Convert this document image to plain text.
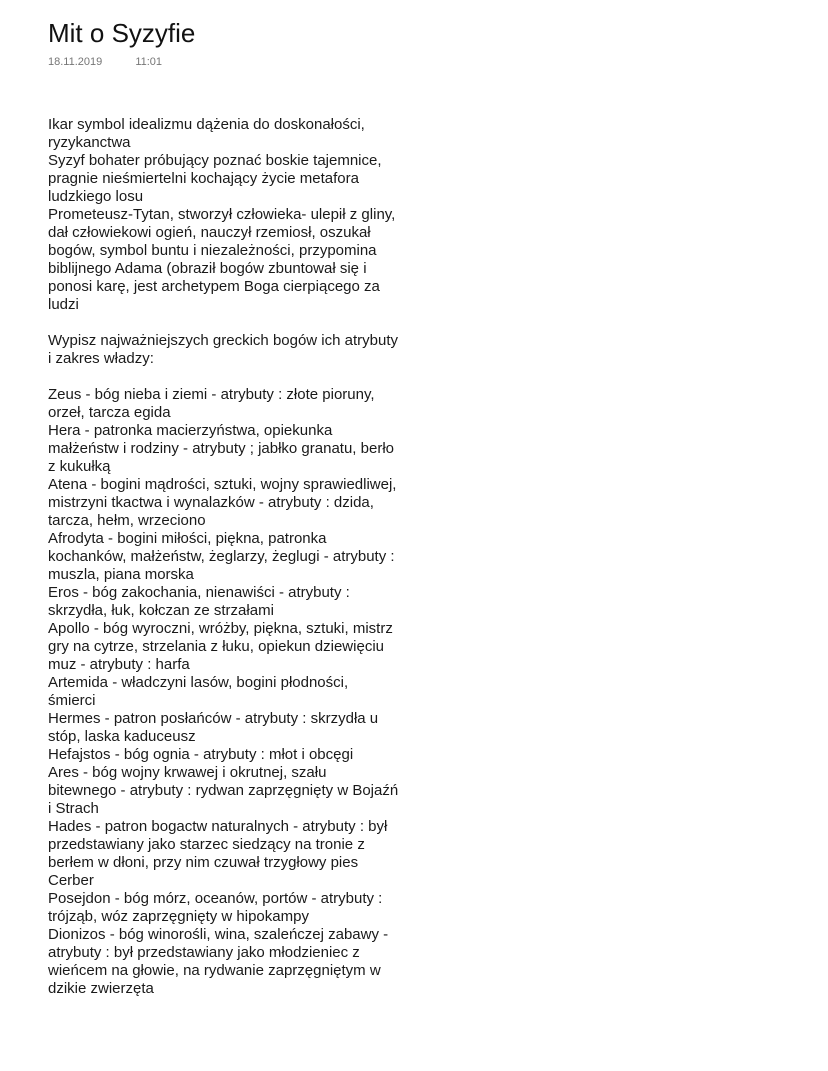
Mit o Syzyfie
18.11.2019	11:01
Ikar symbol idealizmu dążenia do doskonałości,
ryzykanctwa
Syzyf bohater próbujący poznać boskie tajemnice,
pragnie nieśmiertelni kochający życie metafora
ludzkiego losu
Prometeusz-Tytan, stworzył człowieka- ulepił z gliny,
dał człowiekowi ogień, nauczył rzemiosł, oszukał
bogów, symbol buntu i niezależności, przypomina
biblijnego Adama (obraził bogów zbuntował się i
ponosi karę, jest archetypem Boga cierpiącego za
ludzi
Wypisz najważniejszych greckich bogów ich atrybuty
i zakres władzy:
Zeus - bóg nieba i ziemi - atrybuty : złote pioruny,
orzeł, tarcza egida
Hera - patronka macierzyństwa, opiekunka
małżeństw i rodziny - atrybuty ; jabłko granatu, berło
z kukułką
Atena - bogini mądrości, sztuki, wojny sprawiedliwej,
mistrzyni tkactwa i wynalazków - atrybuty : dzida,
tarcza, hełm, wrzeciono
Afrodyta - bogini miłości, piękna, patronka
kochanków, małżeństw, żeglarzy, żeglugi - atrybuty :
muszla, piana morska
Eros - bóg zakochania, nienawiści - atrybuty :
skrzydła, łuk, kołczan ze strzałami
Apollo - bóg wyroczni, wróżby, piękna, sztuki, mistrz
gry na cytrze, strzelania z łuku, opiekun dziewięciu
muz - atrybuty : harfa
Artemida - władczyni lasów, bogini płodności,
śmierci
Hermes - patron posłańców - atrybuty : skrzydła u
stóp, laska kaduceusz
Hefajstos - bóg ognia - atrybuty : młot i obcęgi
Ares - bóg wojny krwawej i okrutnej, szału
bitewnego - atrybuty : rydwan zaprzęgnięty w Bojaźń
i Strach
Hades - patron bogactw naturalnych - atrybuty : był
przedstawiany jako starzec siedzący na tronie z
berłem w dłoni, przy nim czuwał trzygłowy pies
Cerber
Posejdon - bóg mórz, oceanów, portów - atrybuty :
trójząb, wóz zaprzęgnięty w hipokampy
Dionizos - bóg winorośli, wina, szaleńczej zabawy -
atrybuty : był przedstawiany jako młodzieniec z
wieńcem na głowie, na rydwanie zaprzęgniętym w
dzikie zwierzęta
